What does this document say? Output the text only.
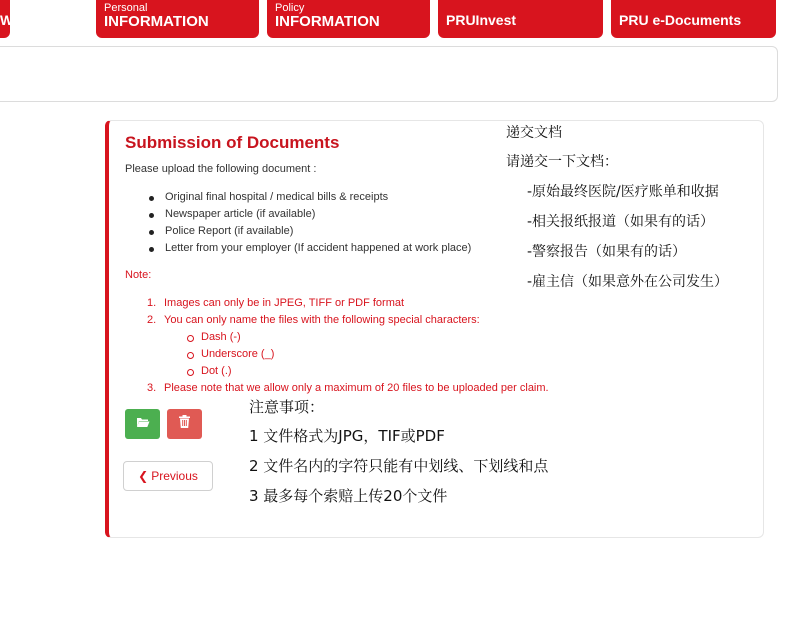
W
Personal
INFORMATION
Policy
INFORMATION	PRUInvest	PRU e-Documents
Submission of Documents
Please upload the following document :
Original final hospital / medical bills & receipts
Newspaper article (if available)
Police Report (if available)
Letter from your employer (If accident happened at work place)
Note:
1. Images can only be in JPEG, TIFF or PDF format
2. You can only name the files with the following special characters:
Dash (-)
Underscore (_)
Dot (.)
3. Please note that we allow only a maximum of 20 files to be uploaded per claim.
❮ Previous
递交文档
请递交一下文档：
-原始最终医院/医疗账单和收据
-相关报纸报道（如果有的话）
-警察报告（如果有的话）
-雇主信（如果意外在公司发生）
注意事项：
1 文件格式为JPG，TIF或PDF
2 文件名内的字符只能有中划线、下划线和点
3 最多每个索赔上传20个文件
